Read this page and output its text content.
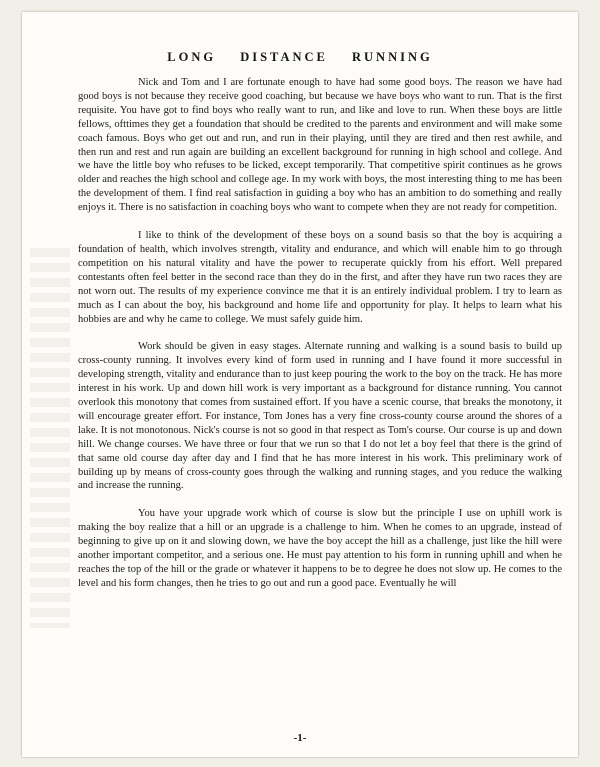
LONG DISTANCE RUNNING

Nick and Tom and I are fortunate enough to have had some good boys. The reason we have had good boys is not because they receive good coaching, but because we have boys who want to run. That is the first requisite. You have got to find boys who really want to run, and like and love to run. When these boys are little fellows, ofttimes they get a foundation that should be credited to the parents and environment and will make some coach famous. Boys who get out and run, and run in their playing, until they are tired and then rest awhile, and then run and rest and run again are building an excellent background for running in high school and college. And we have the little boy who refuses to be licked, except temporarily. That competitive spirit continues as he grows older and reaches the high school and college age. In my work with boys, the most interesting thing to me has been the development of them. I find real satisfaction in guiding a boy who has an ambition to do something and really enjoys it. There is no satisfaction in coaching boys who want to compete when they are not ready for competition.

I like to think of the development of these boys on a sound basis so that the boy is acquiring a foundation of health, which involves strength, vitality and endurance, and which will enable him to go through competition on his natural vitality and have the power to recuperate quickly from his effort. Well prepared contestants often feel better in the second race than they do in the first, and after they have run two races they are not worn out. The results of my experience convince me that it is an entirely individual problem. I try to learn as much as I can about the boy, his background and home life and opportunity for play. It helps to learn what his hobbies are and why he came to college. We must safely guide him.

Work should be given in easy stages. Alternate running and walking is a sound basis to build up cross-county running. It involves every kind of form used in running and I have found it more successful in developing strength, vitality and endurance than to just keep pouring the work to the boy on the track. He has more interest in his work. Up and down hill work is very important as a background for distance running. You cannot overlook this monotony that comes from sustained effort. If you have a scenic course, that breaks the monotony, it will encourage greater effort. For instance, Tom Jones has a very fine cross-county course around the shores of a lake. It is not monotonous. Nick's course is not so good in that respect as Tom's course. Our course is up and down hill. We change courses. We have three or four that we run so that I do not let a boy feel that there is the grind of that same old course day after day and I find that he has more interest in his work. This preliminary work of building up by means of cross-county goes through the walking and running stages, and you reduce the walking and increase the running.

You have your upgrade work which of course is slow but the principle I use on uphill work is making the boy realize that a hill or an upgrade is a challenge to him. When he comes to an upgrade, instead of beginning to give up on it and slowing down, we have the boy accept the hill as a challenge, just like the hill were another important competitor, and a serious one. He must pay attention to his form in running uphill and when he reaches the top of the hill or the grade or whatever it happens to be to degree he does not slow up. He comes to the level and his form changes, then he tries to go out and run a good pace. Eventually he will

-1-
